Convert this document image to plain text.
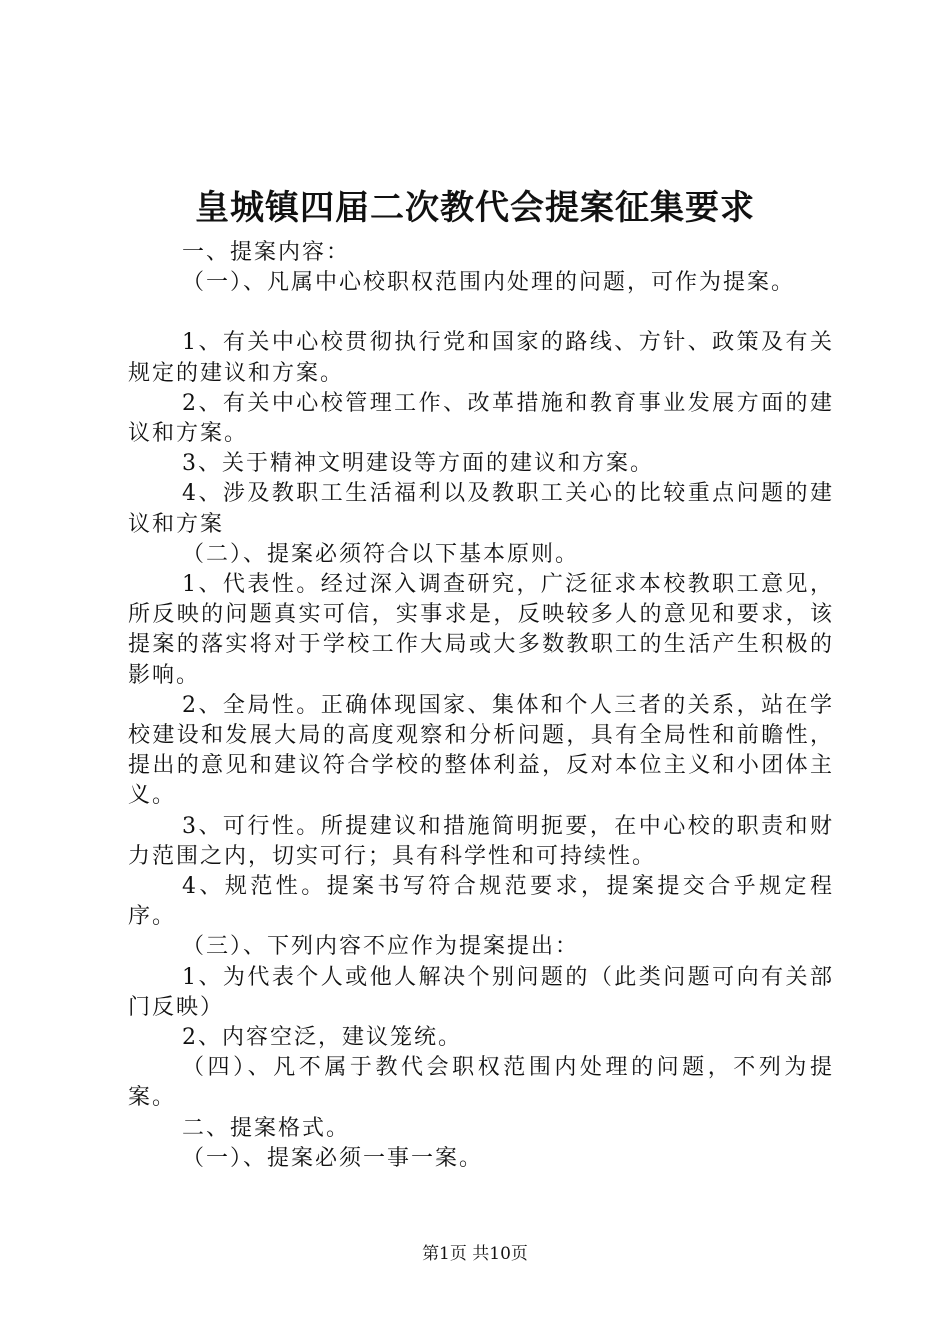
皇城镇四届二次教代会提案征集要求

一、提案内容：

（一）、凡属中心校职权范围内处理的问题，可作为提案。

1、有关中心校贯彻执行党和国家的路线、方针、政策及有关规定的建议和方案。

2、有关中心校管理工作、改革措施和教育事业发展方面的建议和方案。

3、关于精神文明建设等方面的建议和方案。

4、涉及教职工生活福利以及教职工关心的比较重点问题的建议和方案

（二）、提案必须符合以下基本原则。

1、代表性。经过深入调查研究，广泛征求本校教职工意见，所反映的问题真实可信，实事求是，反映较多人的意见和要求，该提案的落实将对于学校工作大局或大多数教职工的生活产生积极的影响。

2、全局性。正确体现国家、集体和个人三者的关系，站在学校建设和发展大局的高度观察和分析问题，具有全局性和前瞻性，提出的意见和建议符合学校的整体利益，反对本位主义和小团体主义。

3、可行性。所提建议和措施简明扼要，在中心校的职责和财力范围之内，切实可行；具有科学性和可持续性。

4、规范性。提案书写符合规范要求，提案提交合乎规定程序。

（三）、下列内容不应作为提案提出：

1、为代表个人或他人解决个别问题的（此类问题可向有关部门反映）

2、内容空泛，建议笼统。

（四）、凡不属于教代会职权范围内处理的问题，不列为提案。

二、提案格式。

（一）、提案必须一事一案。

第1页 共10页
